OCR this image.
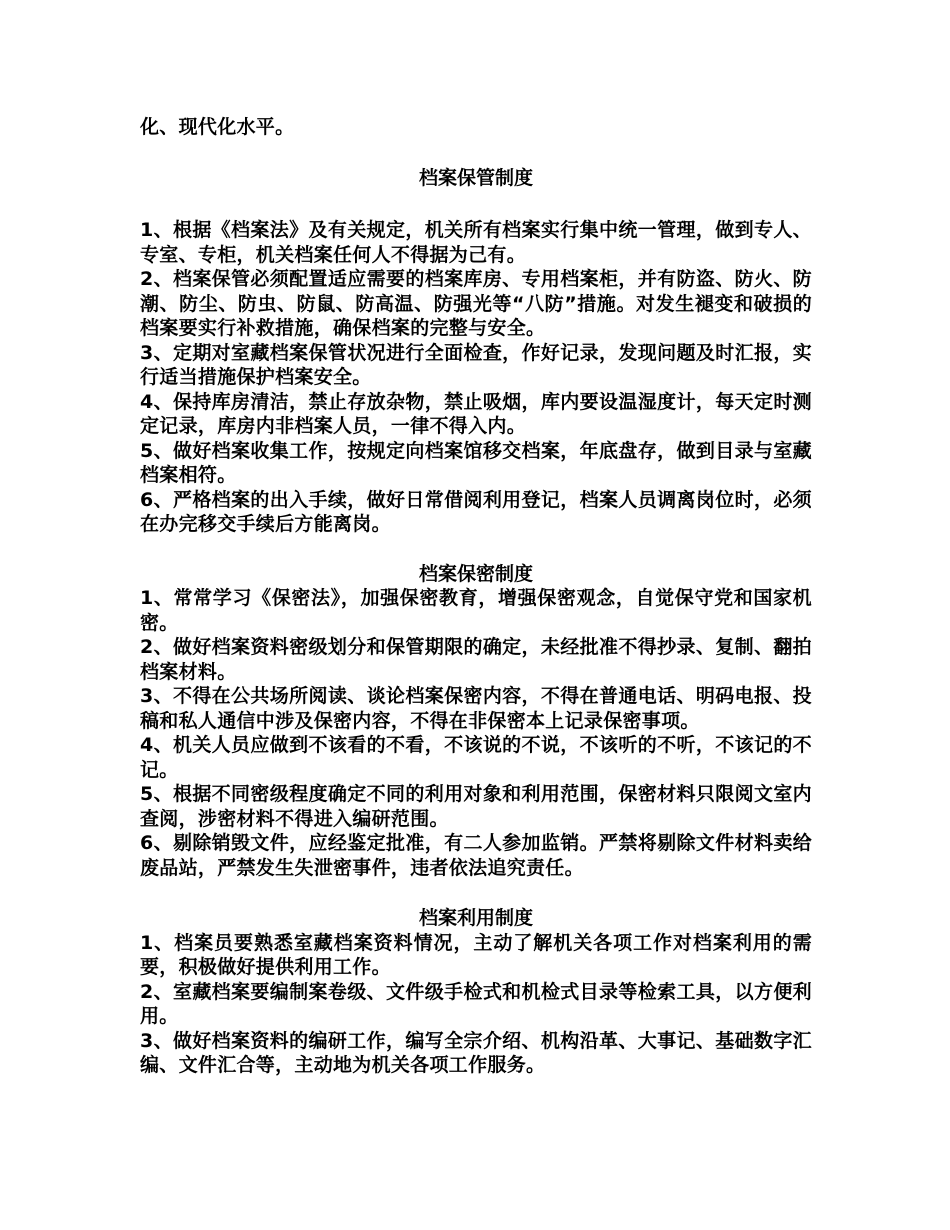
化、现代化水平。

档案保管制度

1、根据《档案法》及有关规定，机关所有档案实行集中统一管理，做到专人、专室、专柜，机关档案任何人不得据为己有。

2、档案保管必须配置适应需要的档案库房、专用档案柜，并有防盗、防火、防潮、防尘、防虫、防鼠、防高温、防强光等“八防”措施。对发生褪变和破损的档案要实行补救措施，确保档案的完整与安全。

3、定期对室藏档案保管状况进行全面检查，作好记录，发现问题及时汇报，实行适当措施保护档案安全。

4、保持库房清洁，禁止存放杂物，禁止吸烟，库内要设温湿度计，每天定时测定记录，库房内非档案人员，一律不得入内。

5、做好档案收集工作，按规定向档案馆移交档案，年底盘存，做到目录与室藏档案相符。

6、严格档案的出入手续，做好日常借阅利用登记，档案人员调离岗位时，必须在办完移交手续后方能离岗。

档案保密制度

1、常常学习《保密法》，加强保密教育，增强保密观念，自觉保守党和国家机密。

2、做好档案资料密级划分和保管期限的确定，未经批准不得抄录、复制、翻拍档案材料。

3、不得在公共场所阅读、谈论档案保密内容，不得在普通电话、明码电报、投稿和私人通信中涉及保密内容，不得在非保密本上记录保密事项。

4、机关人员应做到不该看的不看，不该说的不说，不该听的不听，不该记的不记。

5、根据不同密级程度确定不同的利用对象和利用范围，保密材料只限阅文室内查阅，涉密材料不得进入编研范围。

6、剔除销毁文件，应经鉴定批准，有二人参加监销。严禁将剔除文件材料卖给废品站，严禁发生失泄密事件，违者依法追究责任。

档案利用制度

1、档案员要熟悉室藏档案资料情况，主动了解机关各项工作对档案利用的需要，积极做好提供利用工作。

2、室藏档案要编制案卷级、文件级手检式和机检式目录等检索工具，以方便利用。

3、做好档案资料的编研工作，编写全宗介绍、机构沿革、大事记、基础数字汇编、文件汇合等，主动地为机关各项工作服务。
